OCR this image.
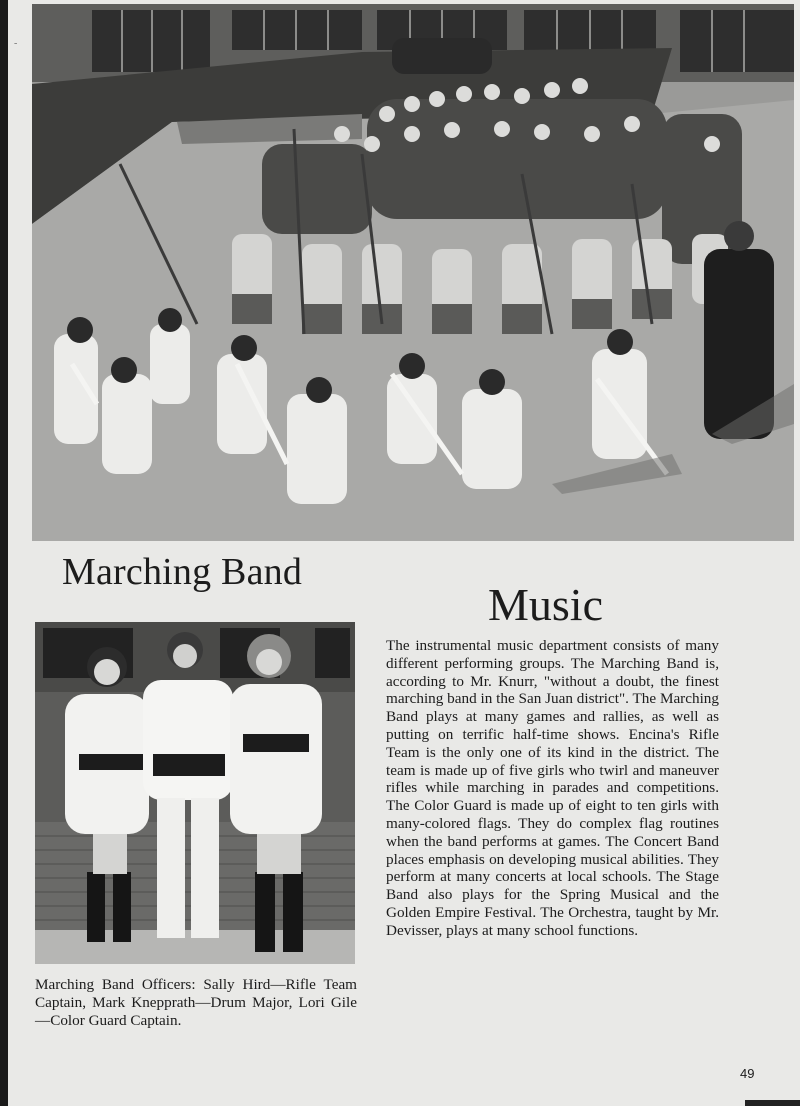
-
Marching Band
Music

Marching Band Officers: Sally Hird—Rifle Team Captain, Mark Knepprath—Drum Major, Lori Gile—Color Guard Captain.

The instrumental music department consists of many different performing groups. The Marching Band is, according to Mr. Knurr, "without a doubt, the finest marching band in the San Juan district". The Marching Band plays at many games and rallies, as well as putting on terrific half-time shows. Encina's Rifle Team is the only one of its kind in the district. The team is made up of five girls who twirl and maneuver rifles while marching in parades and competitions. The Color Guard is made up of eight to ten girls with many-colored flags. They do complex flag routines when the band performs at games. The Concert Band places emphasis on developing musical abilities. They perform at many concerts at local schools. The Stage Band also plays for the Spring Musical and the Golden Empire Festival. The Orchestra, taught by Mr. Devisser, plays at many school functions.

49
